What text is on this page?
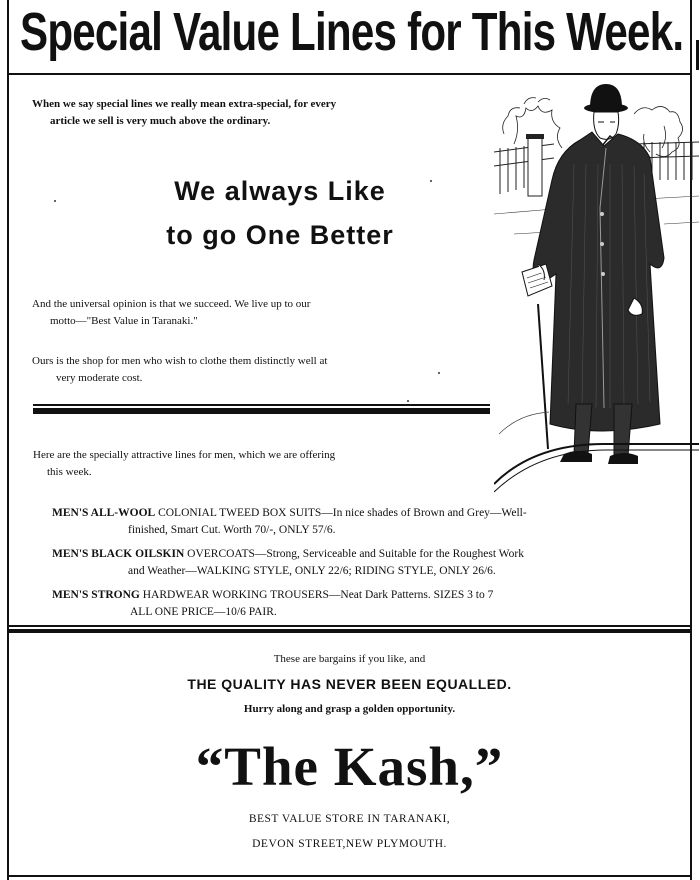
Special Value Lines for This Week.
When we say special lines we really mean extra-special, for every
article we sell is very much above the ordinary.
We always Like
to go One Better
And the universal opinion is that we succeed. We live up to our
motto—"Best Value in Taranaki."
Ours is the shop for men who wish to clothe them distinctly well at
very moderate cost.
Here are the specially attractive lines for men, which we are offering
this week.
MEN'S ALL-WOOL COLONIAL TWEED BOX SUITS—In nice shades of Brown and Grey—Well-
finished, Smart Cut. Worth 70/-, ONLY 57/6.
MEN'S BLACK OILSKIN OVERCOATS—Strong, Serviceable and Suitable for the Roughest Work
and Weather—WALKING STYLE, ONLY 22/6; RIDING STYLE, ONLY 26/6.
MEN'S STRONG HARDWEAR WORKING TROUSERS—Neat Dark Patterns. SIZES 3 to 7
ALL ONE PRICE—10/6 PAIR.
These are bargains if you like, and
THE QUALITY HAS NEVER BEEN EQUALLED.
Hurry along and grasp a golden opportunity.
“The Kash,”
BEST VALUE STORE IN TARANAKI,
DEVON STREET,NEW PLYMOUTH.
